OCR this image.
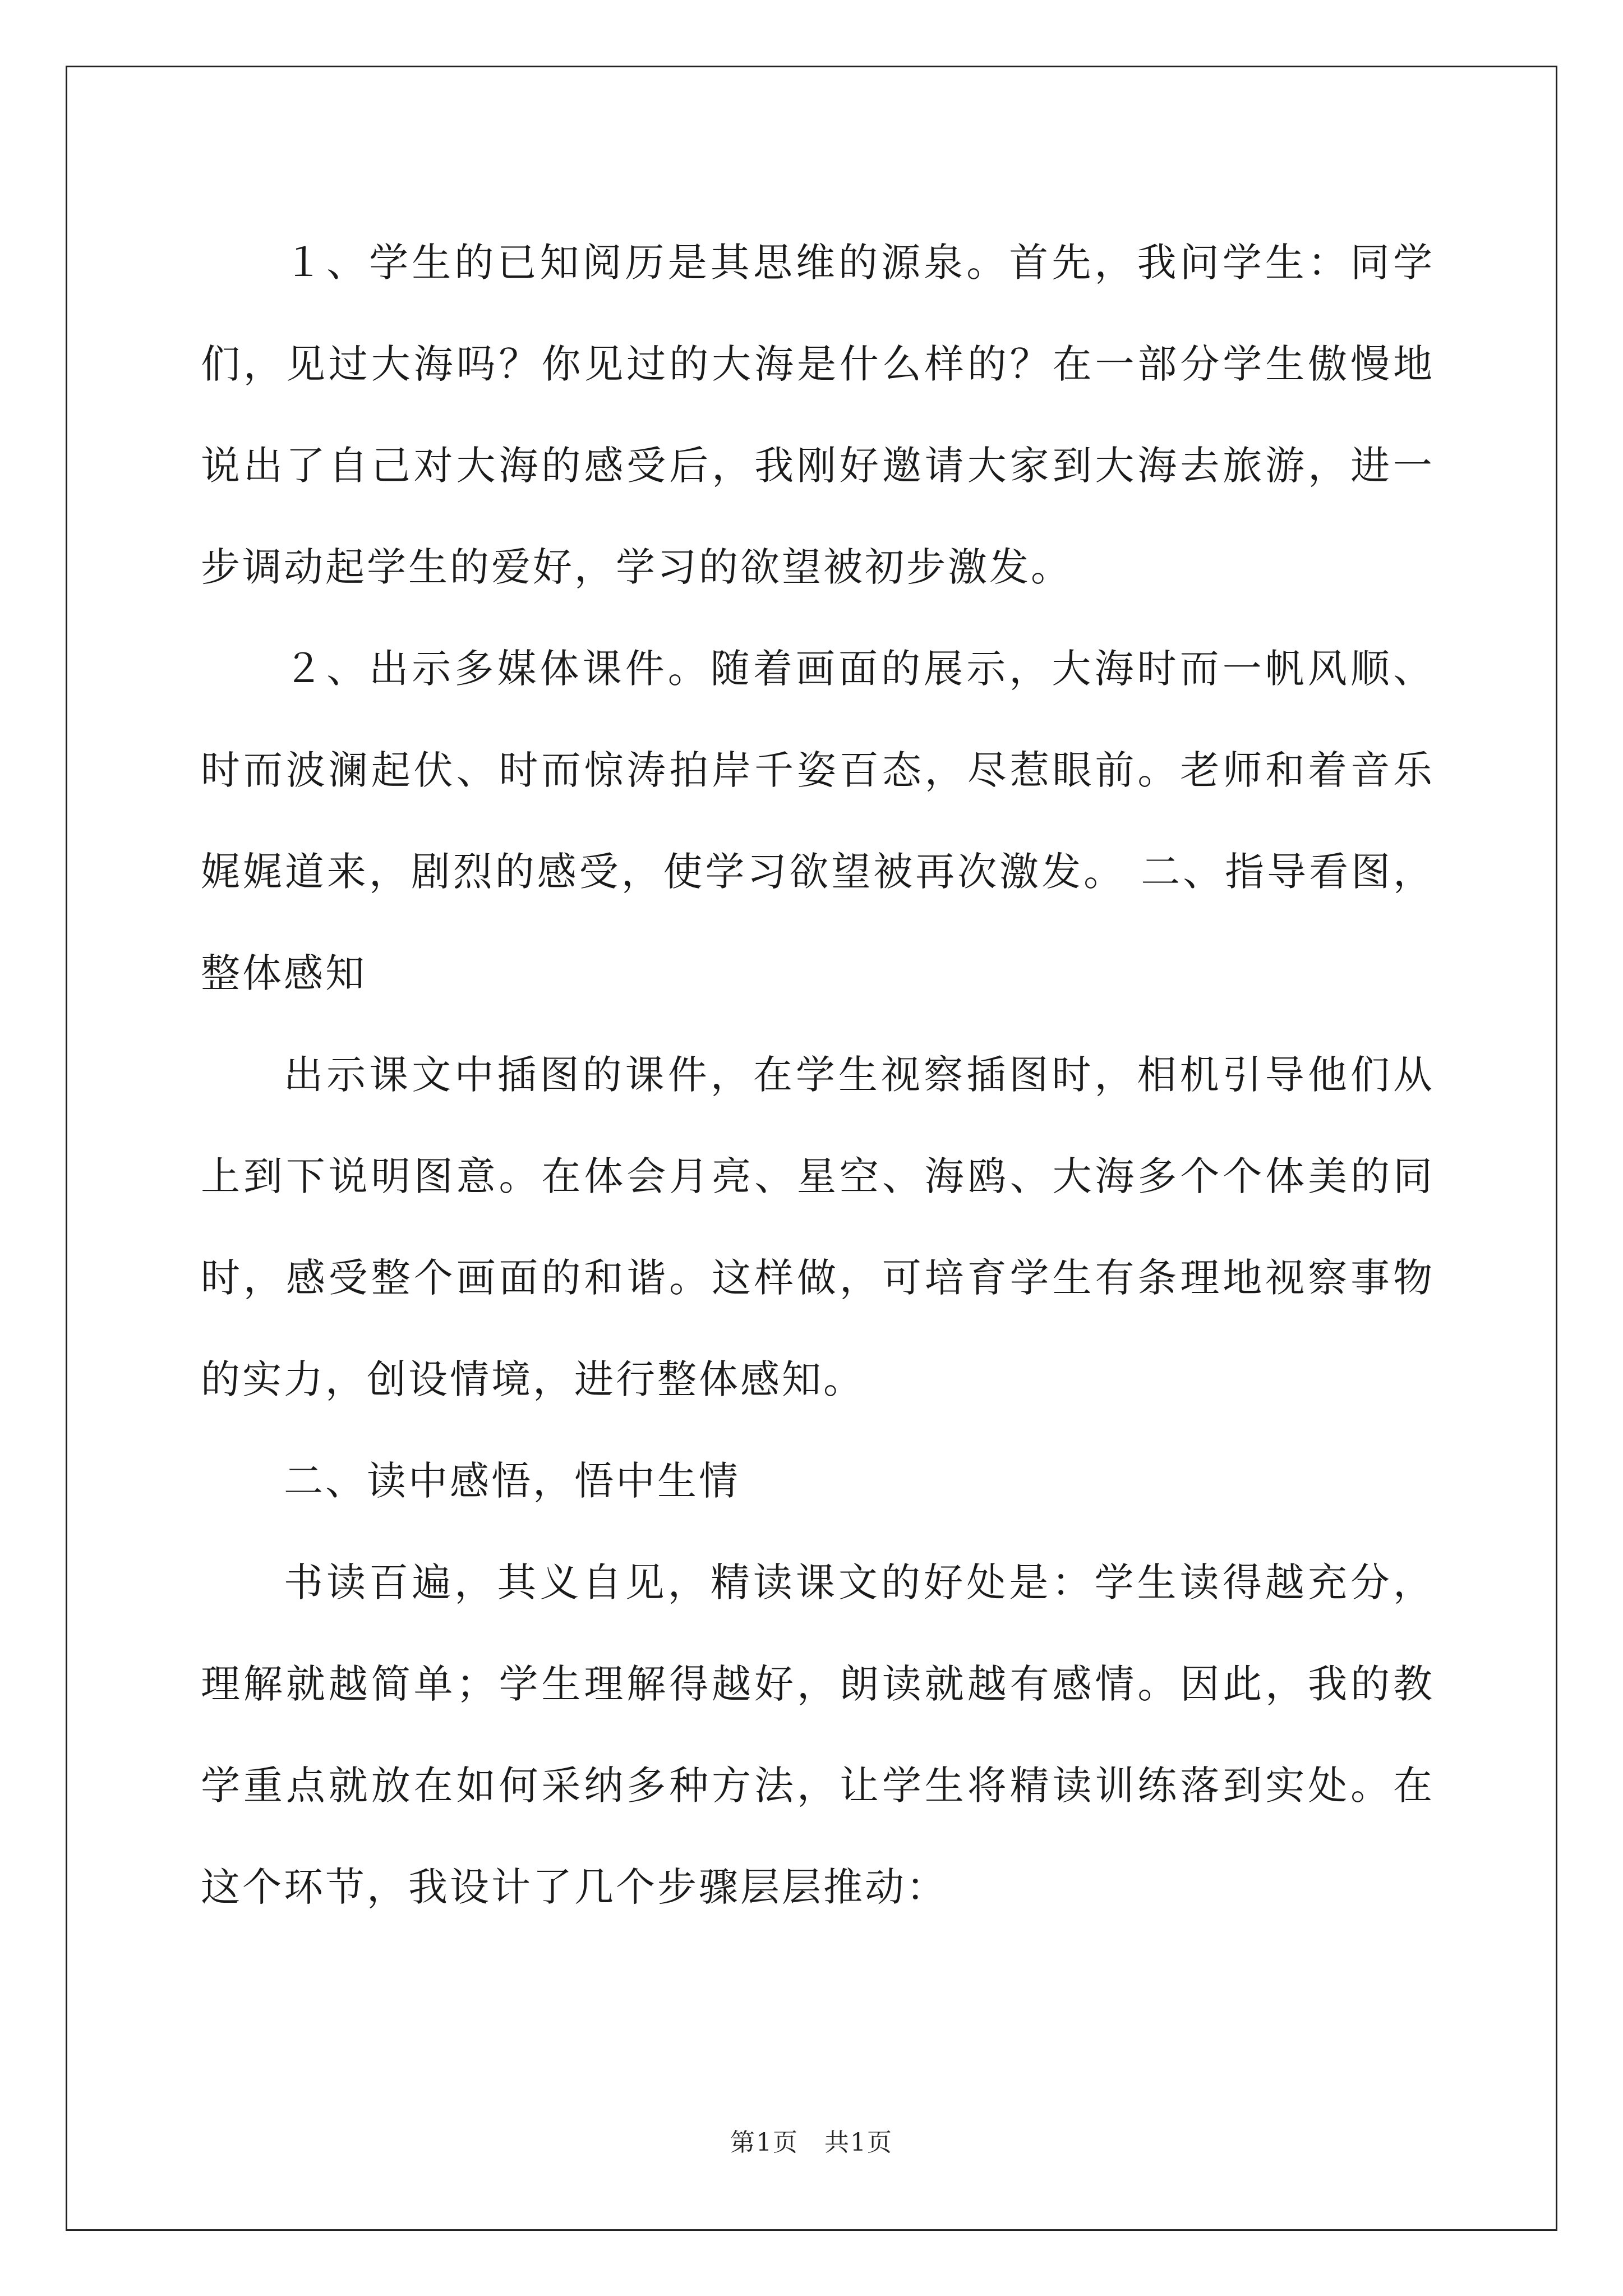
１、学生的已知阅历是其思维的源泉。首先，我问学生：同学们，见过大海吗？你见过的大海是什么样的？在一部分学生傲慢地说出了自己对大海的感受后，我刚好邀请大家到大海去旅游，进一步调动起学生的爱好，学习的欲望被初步激发。

２、出示多媒体课件。随着画面的展示，大海时而一帆风顺、时而波澜起伏、时而惊涛拍岸千姿百态，尽惹眼前。老师和着音乐娓娓道来，剧烈的感受，使学习欲望被再次激发。 二、指导看图，整体感知

出示课文中插图的课件，在学生视察插图时，相机引导他们从上到下说明图意。在体会月亮、星空、海鸥、大海多个个体美的同时，感受整个画面的和谐。这样做，可培育学生有条理地视察事物的实力，创设情境，进行整体感知。

二、读中感悟，悟中生情

书读百遍，其义自见，精读课文的好处是：学生读得越充分，理解就越简单；学生理解得越好，朗读就越有感情。因此，我的教学重点就放在如何采纳多种方法，让学生将精读训练落到实处。在这个环节，我设计了几个步骤层层推动：

第1页　共1页
